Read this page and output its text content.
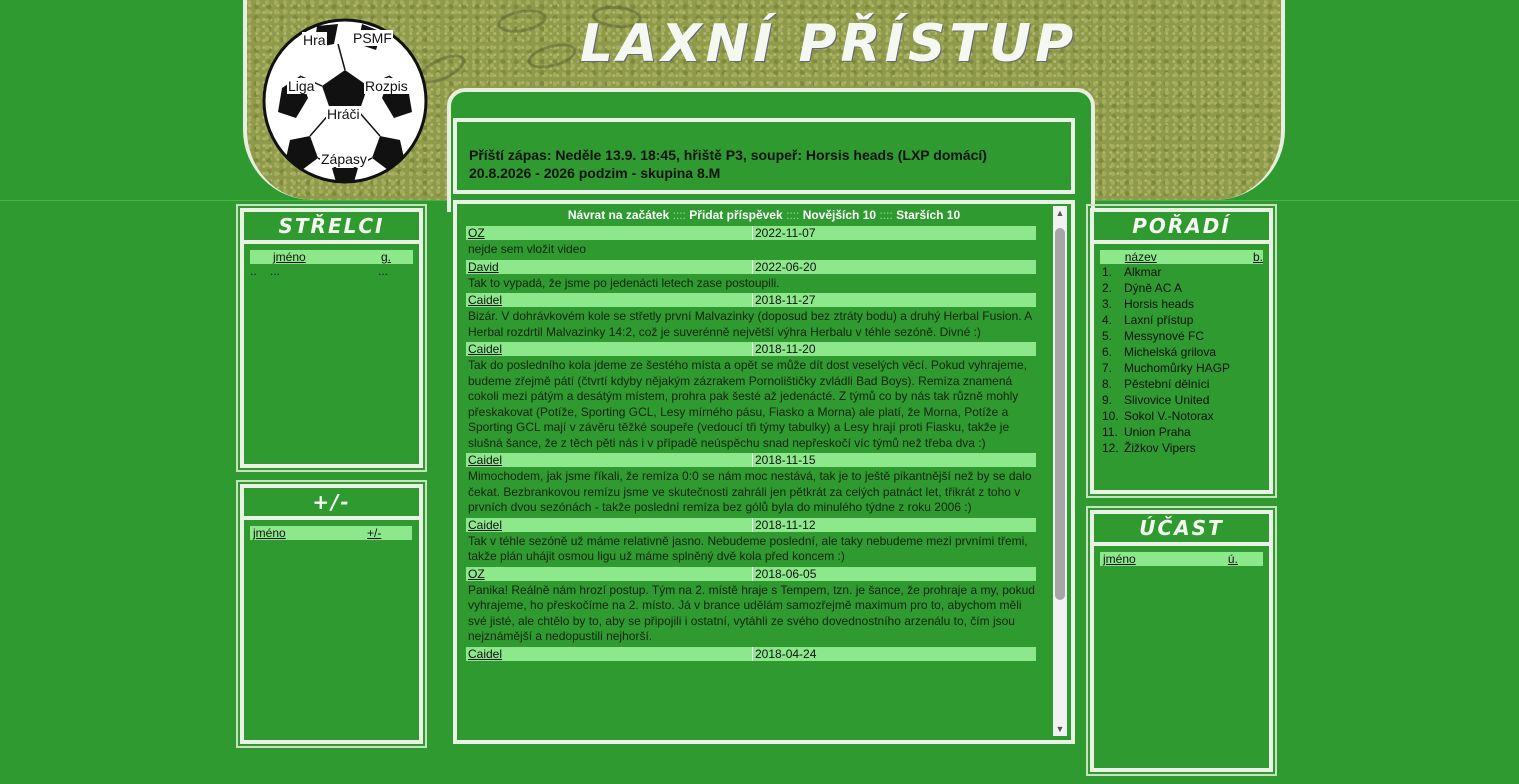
LAXNÍ PŘÍSTUP
Hra PSMF
Liga	Rozpis
Hráči
Zápasy	Příští zápas: Neděle 13.9. 18:45, hřiště P3, soupeř: Horsis heads (LXP domácí)
20.8.2026 - 2026 podzim - skupina 8.M
STŘELCI
jméno	g.
..	...	...
+/-
jméno	+/-
POŘADÍ
název	b.
1. Alkmar
2. Dýně AC A
3. Horsis heads
4. Laxní přístup
5. Messynové FC
6. Michelská grilova
7. Muchomůrky HAGP
8. Pěstební dělníci
9. Slivovice United
10. Sokol V.-Notorax
11. Union Praha
12. Žižkov Vipers
ÚČAST
jméno	ú.
Návrat na začátek :::: Přidat příspěvek :::: Novějších 10 :::: Starších 10
OZ	2022-11-07
nejde sem vložit video
David	2022-06-20
Tak to vypadá, že jsme po jedenácti letech zase postoupili.
Caidel	2018-11-27
Bizár. V dohrávkovém kole se střetly první Malvazinky (doposud bez ztráty bodu) a druhý Herbal Fusion. A Herbal rozdrtil Malvazinky 14:2, což je suverénně největší výhra Herbalu v téhle sezóně. Divné :)
Caidel	2018-11-20
Tak do posledního kola jdeme ze šestého místa a opět se může dít dost veselých věcí. Pokud vyhrajeme, budeme zřejmě pátí (čtvrtí kdyby nějakým zázrakem Pornolištičky zvládli Bad Boys). Remíza znamená cokoli mezi pátým a desátým místem, prohra pak šesté až jedenácté. Z týmů co by nás tak různě mohly přeskakovat (Potíže, Sporting GCL, Lesy mírného pásu, Fiasko a Morna) ale platí, že Morna, Potíže a Sporting GCL mají v závěru těžké soupeře (vedoucí tři týmy tabulky) a Lesy hrají proti Fiasku, takže je slušná šance, že z těch pěti nás i v případě neúspěchu snad nepřeskočí víc týmů než třeba dva :)
Caidel	2018-11-15
Mimochodem, jak jsme říkali, že remíza 0:0 se nám moc nestává, tak je to ještě pikantnější než by se dalo čekat. Bezbrankovou remízu jsme ve skutečnosti zahráli jen pětkrát za celých patnáct let, třikrát z toho v prvních dvou sezónách - takže poslední remíza bez gólů byla do minulého týdne z roku 2006 :)
Caidel	2018-11-12
Tak v téhle sezóně už máme relativně jasno. Nebudeme poslední, ale taky nebudeme mezi prvními třemi, takže plán uhájit osmou ligu už máme splněný dvě kola před koncem :)
OZ	2018-06-05
Panika! Reálně nám hrozí postup. Tým na 2. místě hraje s Tempem, tzn. je šance, že prohraje a my, pokud vyhrajeme, ho přeskočíme na 2. místo. Já v brance udělám samozřejmě maximum pro to, abychom měli své jisté, ale chtělo by to, aby se připojili i ostatní, vytáhli ze svého dovednostního arzenálu to, čím jsou nejznámější a nedopustili nejhorší.
Caidel	2018-04-24
▲
▼
